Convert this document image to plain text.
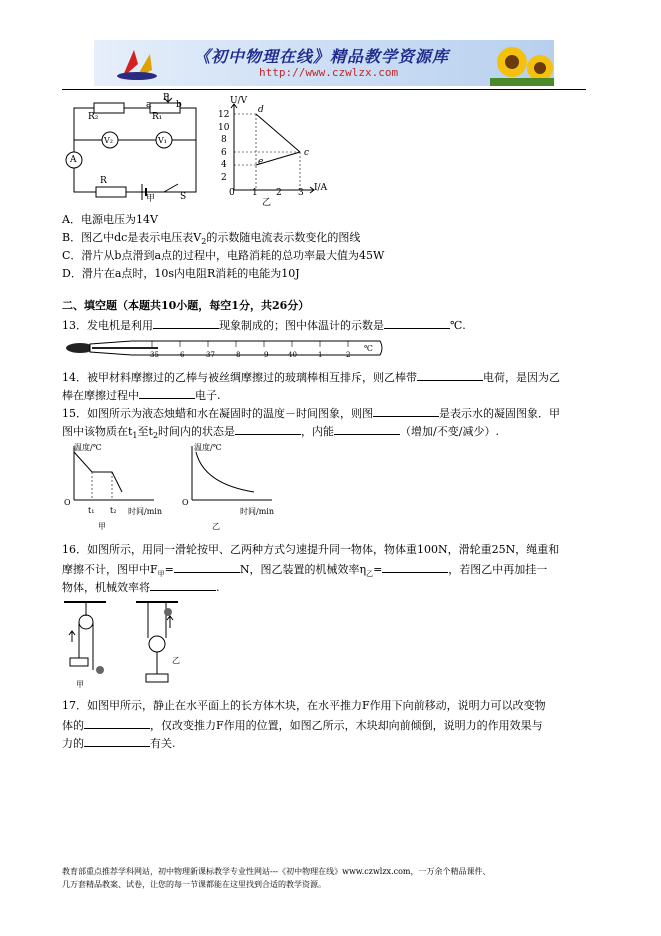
《初中物理在线》精品教学资源库
http://www.czwlzx.com
R₂	R₁
P
b
a
V₂	V₁
A
R
S
甲
U/V
I/A
12
10
8
6
4
2
0 1 2 3
d
e
c
乙
A．电源电压为14V
B．图乙中dc是表示电压表$V_2$的示数随电流表示数变化的图线
C．滑片从b点滑到a点的过程中，电路消耗的总功率最大值为45W
D．滑片在a点时，10s内电阻R消耗的电能为10J
二、填空题（本题共10小题，每空1分，共26分）
13．发电机是利用	现象制成的；图中体温计的示数是	℃.
35	6	37	8	9	40	1	2
℃
14．被甲材料摩擦过的乙棒与被丝绸摩擦过的玻璃棒相互排斥，则乙棒带	电荷，是因为乙
棒在摩擦过程中	电子.
15．如图所示为液态烛蜡和水在凝固时的温度－时间图象，则图	是表示水的凝固图象．甲
图中该物质在$t_1$至$t_2$时间内的状态是	，内能	（增加/不变/减少）.
温度/℃
t₁ t₂
O
时间/min
甲
温度/℃
O
时间/min
乙
16．如图所示，用同一滑轮按甲、乙两种方式匀速提升同一物体，物体重100N，滑轮重25N，绳重和
摩擦不计，图甲中$F_甲=$	N，图乙装置的机械效率$\eta_乙=$	，若图乙中再加挂一
物体，机械效率将	.
甲
乙
17．如图甲所示，静止在水平面上的长方体木块，在水平推力F作用下向前移动，说明力可以改变物
体的	，仅改变推力F作用的位置，如图乙所示，木块却向前倾倒，说明力的作用效果与
力的	有关.
教育部重点推荐学科网站，初中物理新课标教学专业性网站---《初中物理在线》www.czwlzx.com，一万余个精品课件、
几万套精品教案、试卷，让您的每一节课都能在这里找到合适的教学资源。
